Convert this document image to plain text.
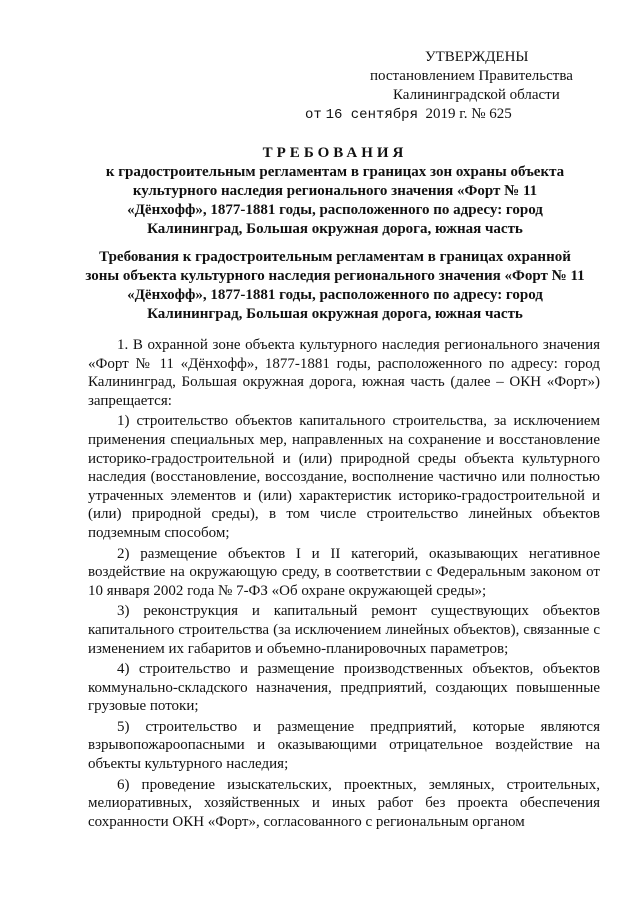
УТВЕРЖДЕНЫ
постановлением Правительства
Калининградской области
от 16 сентября 2019 г. № 625
ТРЕБОВАНИЯ
к градостроительным регламентам в границах зон охраны объекта культурного наследия регионального значения «Форт № 11 «Дёнхофф», 1877-1881 годы, расположенного по адресу: город Калининград, Большая окружная дорога, южная часть
Требования к градостроительным регламентам в границах охранной зоны объекта культурного наследия регионального значения «Форт № 11 «Дёнхофф», 1877-1881 годы, расположенного по адресу: город Калининград, Большая окружная дорога, южная часть

1. В охранной зоне объекта культурного наследия регионального значения «Форт № 11 «Дёнхофф», 1877-1881 годы, расположенного по адресу: город Калининград, Большая окружная дорога, южная часть (далее – ОКН «Форт») запрещается:

1) строительство объектов капитального строительства, за исключением применения специальных мер, направленных на сохранение и восстановление историко-градостроительной и (или) природной среды объекта культурного наследия (восстановление, воссоздание, восполнение частично или полностью утраченных элементов и (или) характеристик историко-градостроительной и (или) природной среды), в том числе строительство линейных объектов подземным способом;

2) размещение объектов I и II категорий, оказывающих негативное воздействие на окружающую среду, в соответствии с Федеральным законом от 10 января 2002 года № 7-ФЗ «Об охране окружающей среды»;

3) реконструкция и капитальный ремонт существующих объектов капитального строительства (за исключением линейных объектов), связанные с изменением их габаритов и объемно-планировочных параметров;

4) строительство и размещение производственных объектов, объектов коммунально-складского назначения, предприятий, создающих повышенные грузовые потоки;

5) строительство и размещение предприятий, которые являются взрывопожароопасными и оказывающими отрицательное воздействие на объекты культурного наследия;

6) проведение изыскательских, проектных, земляных, строительных, мелиоративных, хозяйственных и иных работ без проекта обеспечения сохранности ОКН «Форт», согласованного с региональным органом
